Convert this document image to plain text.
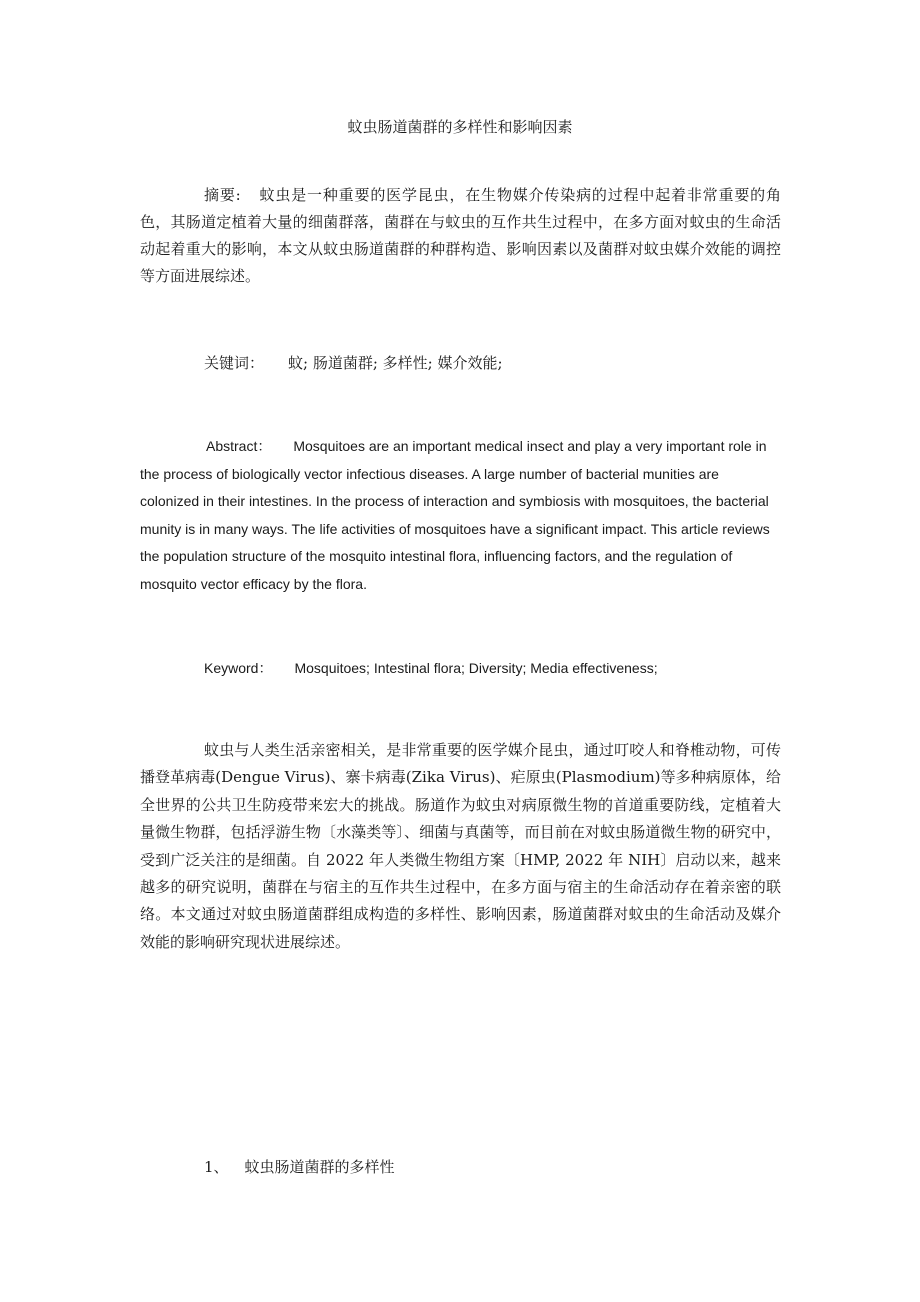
蚊虫肠道菌群的多样性和影响因素

摘要: 蚊虫是一种重要的医学昆虫，在生物媒介传染病的过程中起着非常重要的角色，其肠道定植着大量的细菌群落，菌群在与蚊虫的互作共生过程中，在多方面对蚊虫的生命活动起着重大的影响，本文从蚊虫肠道菌群的种群构造、影响因素以及菌群对蚊虫媒介效能的调控等方面进展综述。

关键词： 蚊; 肠道菌群; 多样性; 媒介效能;

Abstract： Mosquitoes are an important medical insect and play a very important role in the process of biologically vector infectious diseases. A large number of bacterial munities are colonized in their intestines. In the process of interaction and symbiosis with mosquitoes, the bacterial munity is in many ways. The life activities of mosquitoes have a significant impact. This article reviews the population structure of the mosquito intestinal flora, influencing factors, and the regulation of mosquito vector efficacy by the flora.

Keyword： Mosquitoes; Intestinal flora; Diversity; Media effectiveness;

蚊虫与人类生活亲密相关，是非常重要的医学媒介昆虫，通过叮咬人和脊椎动物，可传播登革病毒(Dengue Virus)、寨卡病毒(Zika Virus)、疟原虫(Plasmodium)等多种病原体，给全世界的公共卫生防疫带来宏大的挑战。肠道作为蚊虫对病原微生物的首道重要防线，定植着大量微生物群，包括浮游生物〔水藻类等〕、细菌与真菌等，而目前在对蚊虫肠道微生物的研究中，受到广泛关注的是细菌。自 2022 年人类微生物组方案〔HMP, 2022 年 NIH〕启动以来，越来越多的研究说明，菌群在与宿主的互作共生过程中，在多方面与宿主的生命活动存在着亲密的联络。本文通过对蚊虫肠道菌群组成构造的多样性、影响因素，肠道菌群对蚊虫的生命活动及媒介效能的影响研究现状进展综述。

1、 蚊虫肠道菌群的多样性
